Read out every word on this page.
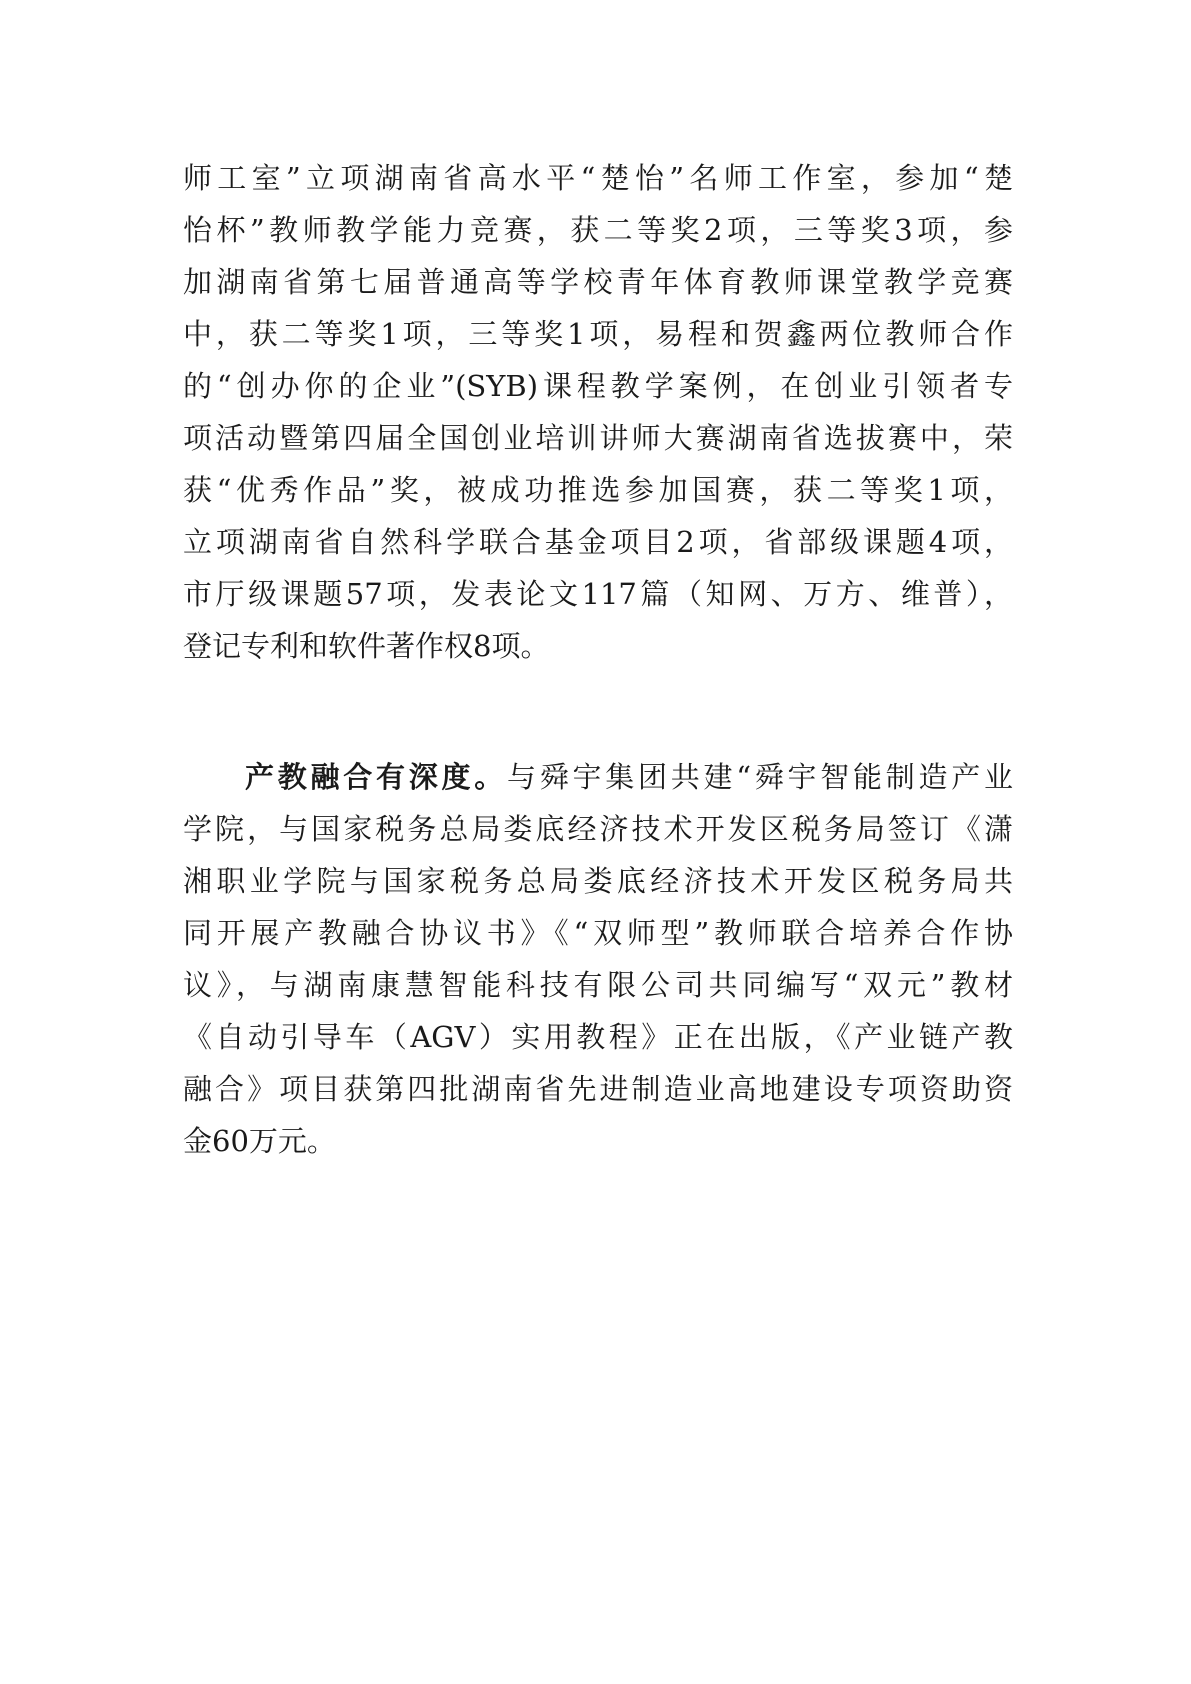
师工室”立项湖南省高水平“楚怡”名师工作室，参加“楚
怡杯”教师教学能力竞赛，获二等奖2项，三等奖3项，参
加湖南省第七届普通高等学校青年体育教师课堂教学竞赛
中，获二等奖1项，三等奖1项，易程和贺鑫两位教师合作
的“创办你的企业”(SYB)课程教学案例，在创业引领者专
项活动暨第四届全国创业培训讲师大赛湖南省选拔赛中，荣
获“优秀作品”奖，被成功推选参加国赛，获二等奖1项，
立项湖南省自然科学联合基金项目2项，省部级课题4项，
市厅级课题57项，发表论文117篇（知网、万方、维普），
登记专利和软件著作权8项。
产教融合有深度。与舜宇集团共建“舜宇智能制造产业
学院，与国家税务总局娄底经济技术开发区税务局签订《潇
湘职业学院与国家税务总局娄底经济技术开发区税务局共
同开展产教融合协议书》《“双师型”教师联合培养合作协
议》，与湖南康慧智能科技有限公司共同编写“双元”教材
《自动引导车（AGV）实用教程》正在出版，《产业链产教
融合》项目获第四批湖南省先进制造业高地建设专项资助资
金60万元。
